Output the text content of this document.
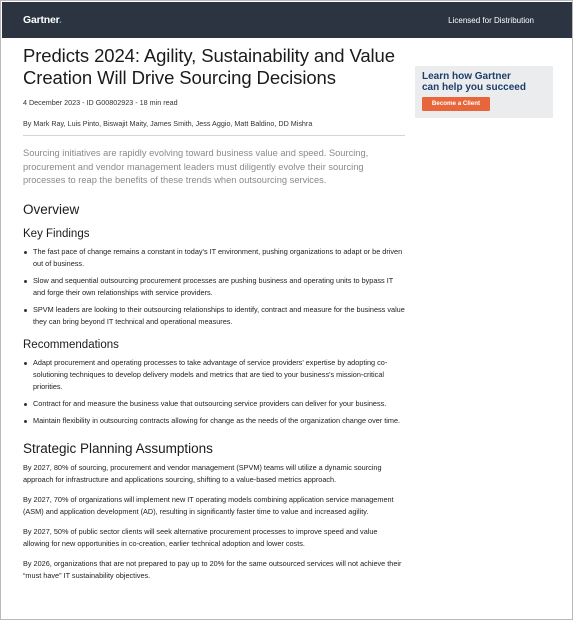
Gartner.	Licensed for Distribution
Predicts 2024: Agility, Sustainability and Value Creation Will Drive Sourcing Decisions
4 December 2023 - ID G00802923 - 18 min read
By Mark Ray, Luis Pinto, Biswajit Maity, James Smith, Jess Aggio, Matt Baldino, DD Mishra

Sourcing initiatives are rapidly evolving toward business value and speed. Sourcing, procurement and vendor management leaders must diligently evolve their sourcing processes to reap the benefits of these trends when outsourcing services.

Overview
Key Findings
The fast pace of change remains a constant in today's IT environment, pushing organizations to adapt or be driven out of business.
Slow and sequential outsourcing procurement processes are pushing business and operating units to bypass IT and forge their own relationships with service providers.
SPVM leaders are looking to their outsourcing relationships to identify, contract and measure for the business value they can bring beyond IT technical and operational measures.
Recommendations
Adapt procurement and operating processes to take advantage of service providers' expertise by adopting co-solutioning techniques to develop delivery models and metrics that are tied to your business's mission-critical priorities.
Contract for and measure the business value that outsourcing service providers can deliver for your business.
Maintain flexibility in outsourcing contracts allowing for change as the needs of the organization change over time.
Strategic Planning Assumptions

By 2027, 80% of sourcing, procurement and vendor management (SPVM) teams will utilize a dynamic sourcing approach for infrastructure and applications sourcing, shifting to a value-based metrics approach.

By 2027, 70% of organizations will implement new IT operating models combining application service management (ASM) and application development (AD), resulting in significantly faster time to value and increased agility.

By 2027, 50% of public sector clients will seek alternative procurement processes to improve speed and value allowing for new opportunities in co-creation, earlier technical adoption and lower costs.

By 2026, organizations that are not prepared to pay up to 20% for the same outsourced services will not achieve their “must have” IT sustainability objectives.

Learn how Gartner
can help you succeed
Become a Client
